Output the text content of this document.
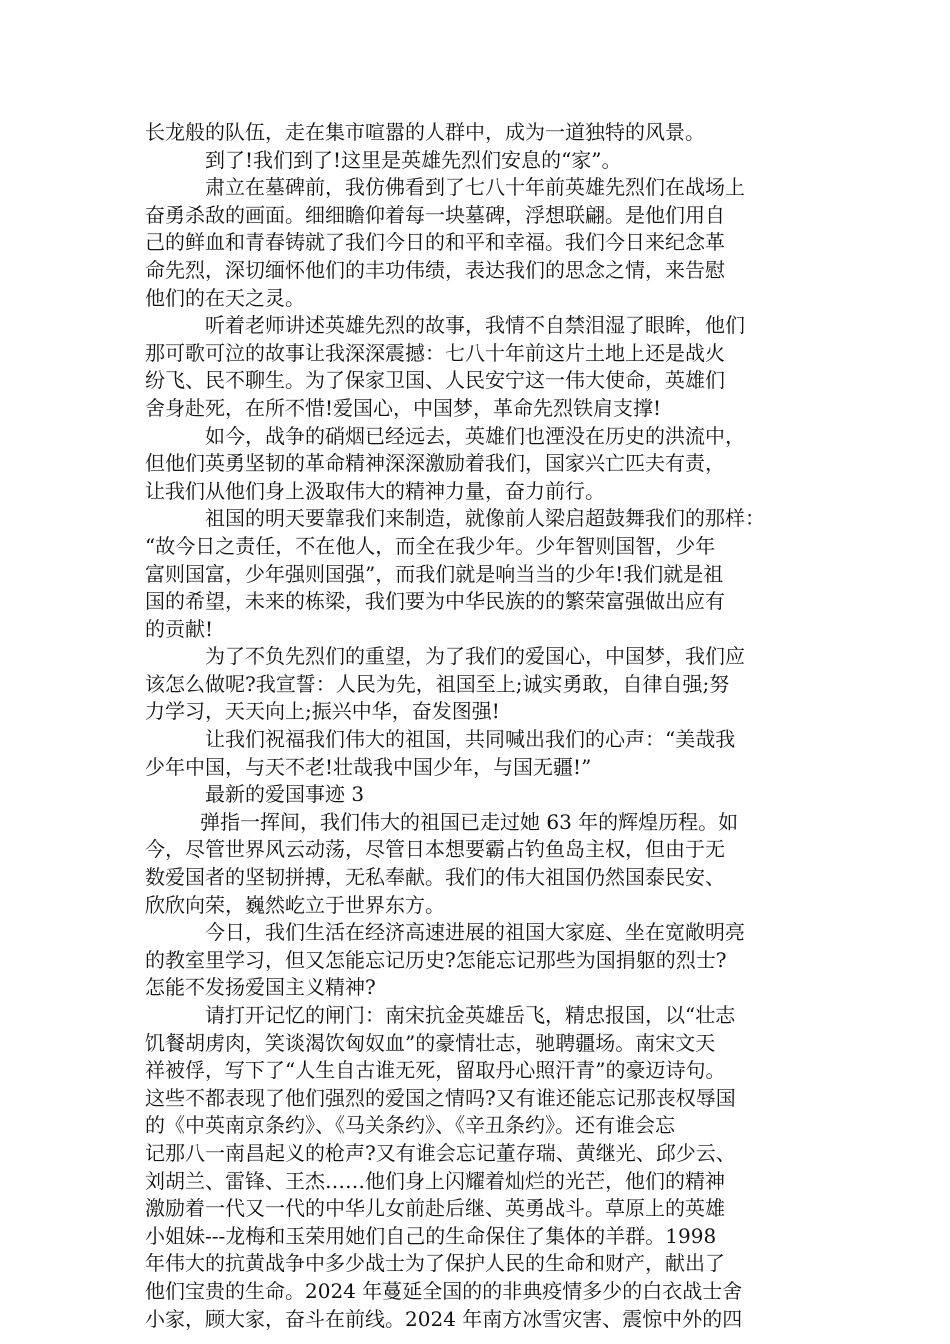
长龙般的队伍，走在集市喧嚣的人群中，成为一道独特的风景。
到了!我们到了!这里是英雄先烈们安息的“家”。
肃立在墓碑前，我仿佛看到了七八十年前英雄先烈们在战场上
奋勇杀敌的画面。细细瞻仰着每一块墓碑，浮想联翩。是他们用自
己的鲜血和青春铸就了我们今日的和平和幸福。我们今日来纪念革
命先烈，深切缅怀他们的丰功伟绩，表达我们的思念之情，来告慰
他们的在天之灵。
听着老师讲述英雄先烈的故事，我情不自禁泪湿了眼眸，他们
那可歌可泣的故事让我深深震撼：七八十年前这片土地上还是战火
纷飞、民不聊生。为了保家卫国、人民安宁这一伟大使命，英雄们
舍身赴死，在所不惜!爱国心，中国梦，革命先烈铁肩支撑!
如今，战争的硝烟已经远去，英雄们也湮没在历史的洪流中，
但他们英勇坚韧的革命精神深深激励着我们，国家兴亡匹夫有责，
让我们从他们身上汲取伟大的精神力量，奋力前行。
祖国的明天要靠我们来制造，就像前人梁启超鼓舞我们的那样：
“故今日之责任，不在他人，而全在我少年。少年智则国智，少年
富则国富，少年强则国强”，而我们就是响当当的少年!我们就是祖
国的希望，未来的栋梁，我们要为中华民族的的繁荣富强做出应有
的贡献!
为了不负先烈们的重望，为了我们的爱国心，中国梦，我们应
该怎么做呢?我宣誓：人民为先，祖国至上;诚实勇敢，自律自强;努
力学习，天天向上;振兴中华，奋发图强!
让我们祝福我们伟大的祖国，共同喊出我们的心声：“美哉我
少年中国，与天不老!壮哉我中国少年，与国无疆!”
最新的爱国事迹 3
弹指一挥间，我们伟大的祖国已走过她 63 年的辉煌历程。如
今，尽管世界风云动荡，尽管日本想要霸占钓鱼岛主权，但由于无
数爱国者的坚韧拼搏，无私奉献。我们的伟大祖国仍然国泰民安、
欣欣向荣，巍然屹立于世界东方。
今日，我们生活在经济高速进展的祖国大家庭、坐在宽敞明亮
的教室里学习，但又怎能忘记历史?怎能忘记那些为国捐躯的烈士?
怎能不发扬爱国主义精神?
请打开记忆的闸门：南宋抗金英雄岳飞，精忠报国，以“壮志
饥餐胡虏肉，笑谈渴饮匈奴血”的豪情壮志，驰聘疆场。南宋文天
祥被俘，写下了“人生自古谁无死，留取丹心照汗青”的豪迈诗句。
这些不都表现了他们强烈的爱国之情吗?又有谁还能忘记那丧权辱国
的《中英南京条约》、《马关条约》、《辛丑条约》。还有谁会忘
记那八一南昌起义的枪声?又有谁会忘记董存瑞、黄继光、邱少云、
刘胡兰、雷锋、王杰……他们身上闪耀着灿烂的光芒，他们的精神
激励着一代又一代的中华儿女前赴后继、英勇战斗。草原上的英雄
小姐妹---龙梅和玉荣用她们自己的生命保住了集体的羊群。1998
年伟大的抗黄战争中多少战士为了保护人民的生命和财产，献出了
他们宝贵的生命。2024 年蔓延全国的的非典疫情多少的白衣战士舍
小家，顾大家，奋斗在前线。2024 年南方冰雪灾害、震惊中外的四
